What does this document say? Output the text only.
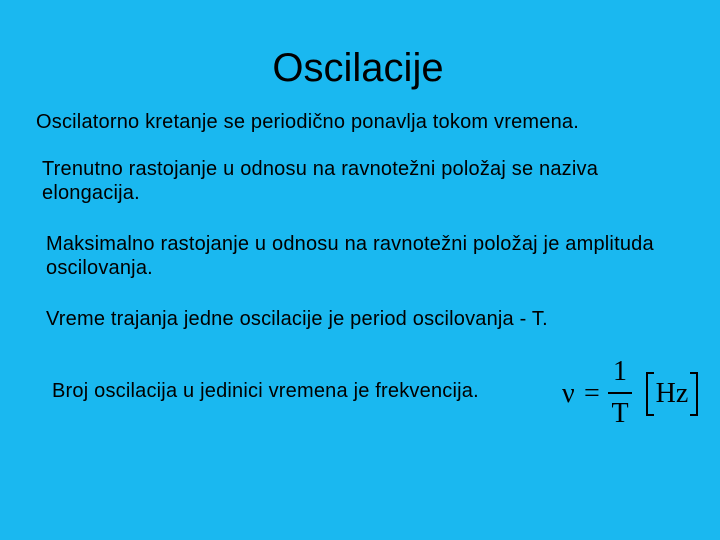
Oscilacije
Oscilatorno kretanje se periodično ponavlja tokom vremena.
Trenutno rastojanje u odnosu na ravnotežni položaj se naziva elongacija.
Maksimalno rastojanje u odnosu na ravnotežni položaj je amplituda oscilovanja.
Vreme trajanja jedne oscilacije je period oscilovanja - T.
Broj oscilacija u jedinici vremena je frekvencija.	ν =
1
T
Hz
